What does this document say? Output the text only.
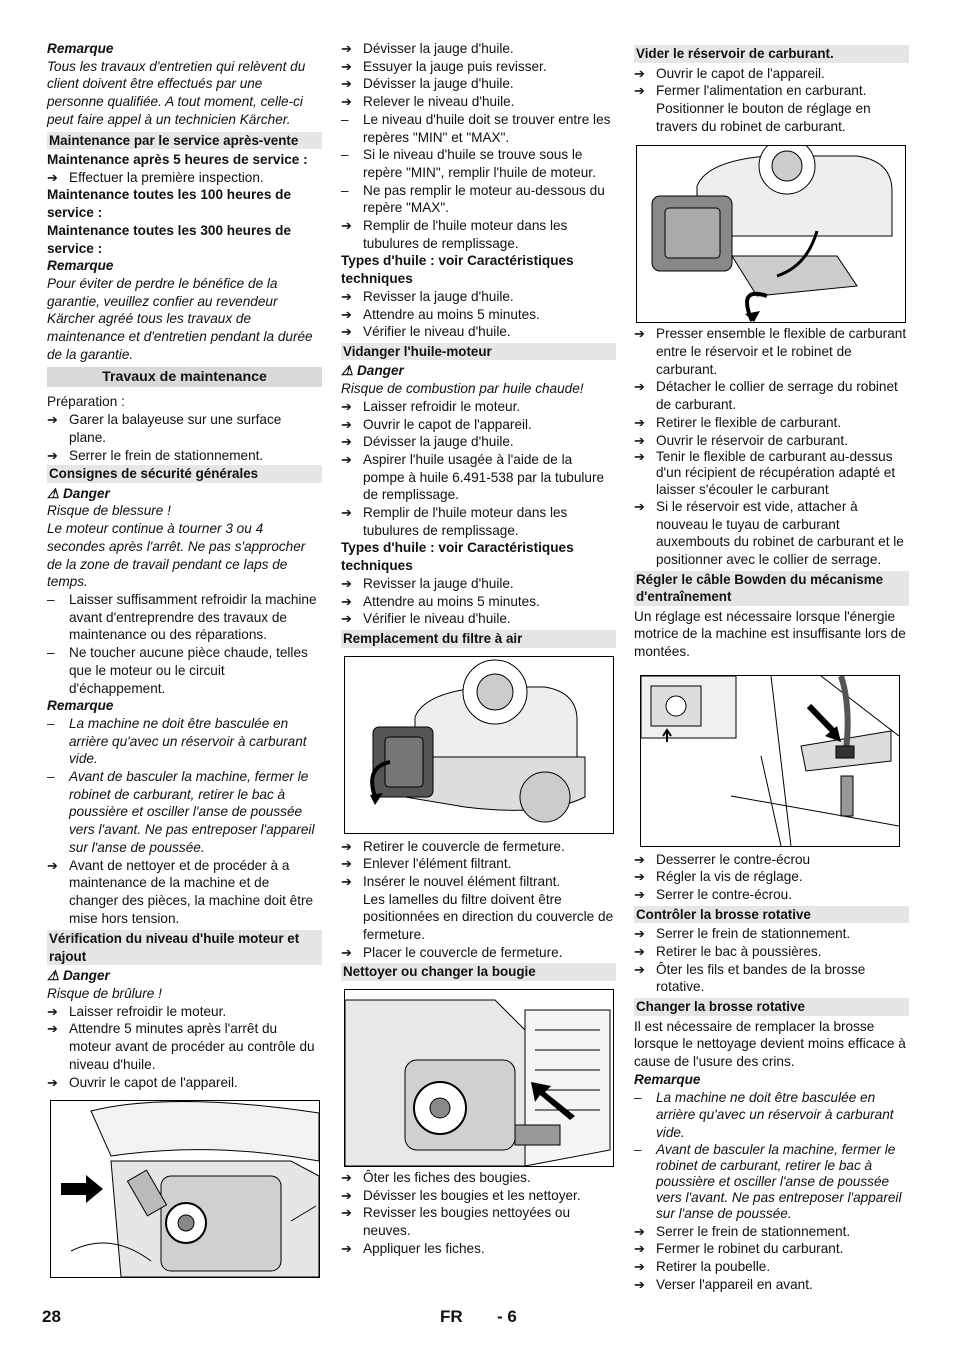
Remarque

Tous les travaux d'entretien qui relèvent du client doivent être effectués par une personne qualifiée. A tout moment, celle-ci peut faire appel à un technicien Kärcher.

Maintenance par le service après-vente

Maintenance après 5 heures de service :

➔ Effectuer la première inspection.

Maintenance toutes les 100 heures de service :

Maintenance toutes les 300 heures de service :

Remarque

Pour éviter de perdre le bénéfice de la garantie, veuillez confier au revendeur Kärcher agréé tous les travaux de maintenance et d'entretien pendant la durée de la garantie.

Travaux de maintenance

Préparation :

➔ Garer la balayeuse sur une surface plane.

➔ Serrer le frein de stationnement.

Consignes de sécurité générales

⚠ Danger

Risque de blessure !

Le moteur continue à tourner 3 ou 4 secondes après l'arrêt. Ne pas s'approcher de la zone de travail pendant ce laps de temps.

– Laisser suffisamment refroidir la machine avant d'entreprendre des travaux de maintenance ou des réparations.

– Ne toucher aucune pièce chaude, telles que le moteur ou le circuit d'échappement.

Remarque

– La machine ne doit être basculée en arrière qu'avec un réservoir à carburant vide.

– Avant de basculer la machine, fermer le robinet de carburant, retirer le bac à poussière et osciller l'anse de poussée vers l'avant. Ne pas entreposer l'appareil sur l'anse de poussée.

➔ Avant de nettoyer et de procéder à a maintenance de la machine et de changer des pièces, la machine doit être mise hors tension.

Vérification du niveau d'huile moteur et rajout

⚠ Danger

Risque de brûlure !

➔ Laisser refroidir le moteur.

➔ Attendre 5 minutes après l'arrêt du moteur avant de procéder au contrôle du niveau d'huile.

➔ Ouvrir le capot de l'appareil.

➔ Dévisser la jauge d'huile.

➔ Essuyer la jauge puis revisser.

➔ Dévisser la jauge d'huile.

➔ Relever le niveau d'huile.

– Le niveau d'huile doit se trouver entre les repères "MIN" et "MAX".

– Si le niveau d'huile se trouve sous le repère "MIN", remplir l'huile de moteur.

– Ne pas remplir le moteur au-dessous du repère "MAX".

➔ Remplir de l'huile moteur dans les tubulures de remplissage.

Types d'huile : voir Caractéristiques techniques

➔ Revisser la jauge d'huile.

➔ Attendre au moins 5 minutes.

➔ Vérifier le niveau d'huile.

Vidanger l'huile-moteur

⚠ Danger

Risque de combustion par huile chaude!

➔ Laisser refroidir le moteur.

➔ Ouvrir le capot de l'appareil.

➔ Dévisser la jauge d'huile.

➔ Aspirer l'huile usagée à l'aide de la pompe à huile 6.491-538 par la tubulure de remplissage.

➔ Remplir de l'huile moteur dans les tubulures de remplissage.

Types d'huile : voir Caractéristiques techniques

➔ Revisser la jauge d'huile.

➔ Attendre au moins 5 minutes.

➔ Vérifier le niveau d'huile.

Remplacement du filtre à air

➔ Retirer le couvercle de fermeture.

➔ Enlever l'élément filtrant.

➔ Insérer le nouvel élément filtrant.

Les lamelles du filtre doivent être positionnées en direction du couvercle de fermeture.

➔ Placer le couvercle de fermeture.

Nettoyer ou changer la bougie

➔ Ôter les fiches des bougies.

➔ Dévisser les bougies et les nettoyer.

➔ Revisser les bougies nettoyées ou neuves.

➔ Appliquer les fiches.

Vider le réservoir de carburant.

➔ Ouvrir le capot de l'appareil.

➔ Fermer l'alimentation en carburant. Positionner le bouton de réglage en travers du robinet de carburant.

➔ Presser ensemble le flexible de carburant entre le réservoir et le robinet de carburant.

➔ Détacher le collier de serrage du robinet de carburant.

➔ Retirer le flexible de carburant.

➔ Ouvrir le réservoir de carburant.

➔ Tenir le flexible de carburant au-dessus d'un récipient de récupération adapté et laisser s'écouler le carburant

➔ Si le réservoir est vide, attacher à nouveau le tuyau de carburant auxembouts du robinet de carburant et le positionner avec le collier de serrage.

Régler le câble Bowden du mécanisme d'entraînement

Un réglage est nécessaire lorsque l'énergie motrice de la machine est insuffisante lors de montées.

➔ Desserrer le contre-écrou

➔ Régler la vis de réglage.

➔ Serrer le contre-écrou.

Contrôler la brosse rotative

➔ Serrer le frein de stationnement.

➔ Retirer le bac à poussières.

➔ Ôter les fils et bandes de la brosse rotative.

Changer la brosse rotative

Il est nécessaire de remplacer la brosse lorsque le nettoyage devient moins efficace à cause de l'usure des crins.

Remarque

– La machine ne doit être basculée en arrière qu'avec un réservoir à carburant vide.

– Avant de basculer la machine, fermer le robinet de carburant, retirer le bac à poussière et osciller l'anse de poussée vers l'avant. Ne pas entreposer l'appareil sur l'anse de poussée.

➔ Serrer le frein de stationnement.

➔ Fermer le robinet du carburant.

➔ Retirer la poubelle.

➔ Verser l'appareil en avant.

28	FR - 6
